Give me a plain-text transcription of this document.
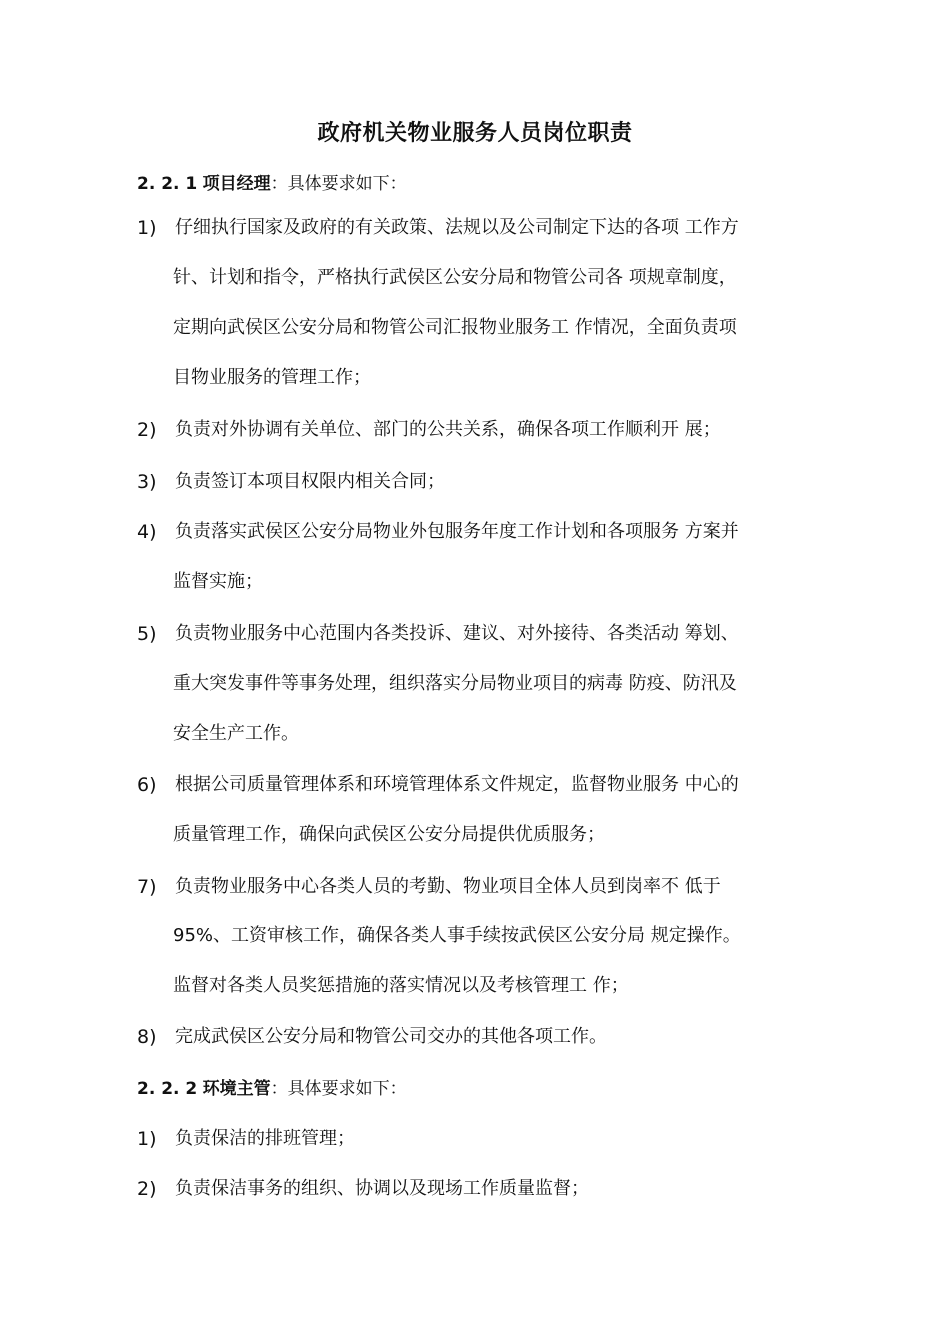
政府机关物业服务人员岗位职责
2. 2. 1 项目经理：具体要求如下：
1) 仔细执行国家及政府的有关政策、法规以及公司制定下达的各项 工作方
针、计划和指令，严格执行武侯区公安分局和物管公司各 项规章制度，
定期向武侯区公安分局和物管公司汇报物业服务工 作情况，全面负责项
目物业服务的管理工作；
2) 负责对外协调有关单位、部门的公共关系，确保各项工作顺利开 展；
3) 负责签订本项目权限内相关合同；
4) 负责落实武侯区公安分局物业外包服务年度工作计划和各项服务 方案并
监督实施；
5) 负责物业服务中心范围内各类投诉、建议、对外接待、各类活动 筹划、
重大突发事件等事务处理，组织落实分局物业项目的病毒 防疫、防汛及
安全生产工作。
6) 根据公司质量管理体系和环境管理体系文件规定，监督物业服务 中心的
质量管理工作，确保向武侯区公安分局提供优质服务；
7) 负责物业服务中心各类人员的考勤、物业项目全体人员到岗率不 低于
95%、工资审核工作，确保各类人事手续按武侯区公安分局 规定操作。
监督对各类人员奖惩措施的落实情况以及考核管理工 作；
8) 完成武侯区公安分局和物管公司交办的其他各项工作。
2. 2. 2 环境主管：具体要求如下：
1) 负责保洁的排班管理；
2) 负责保洁事务的组织、协调以及现场工作质量监督；
